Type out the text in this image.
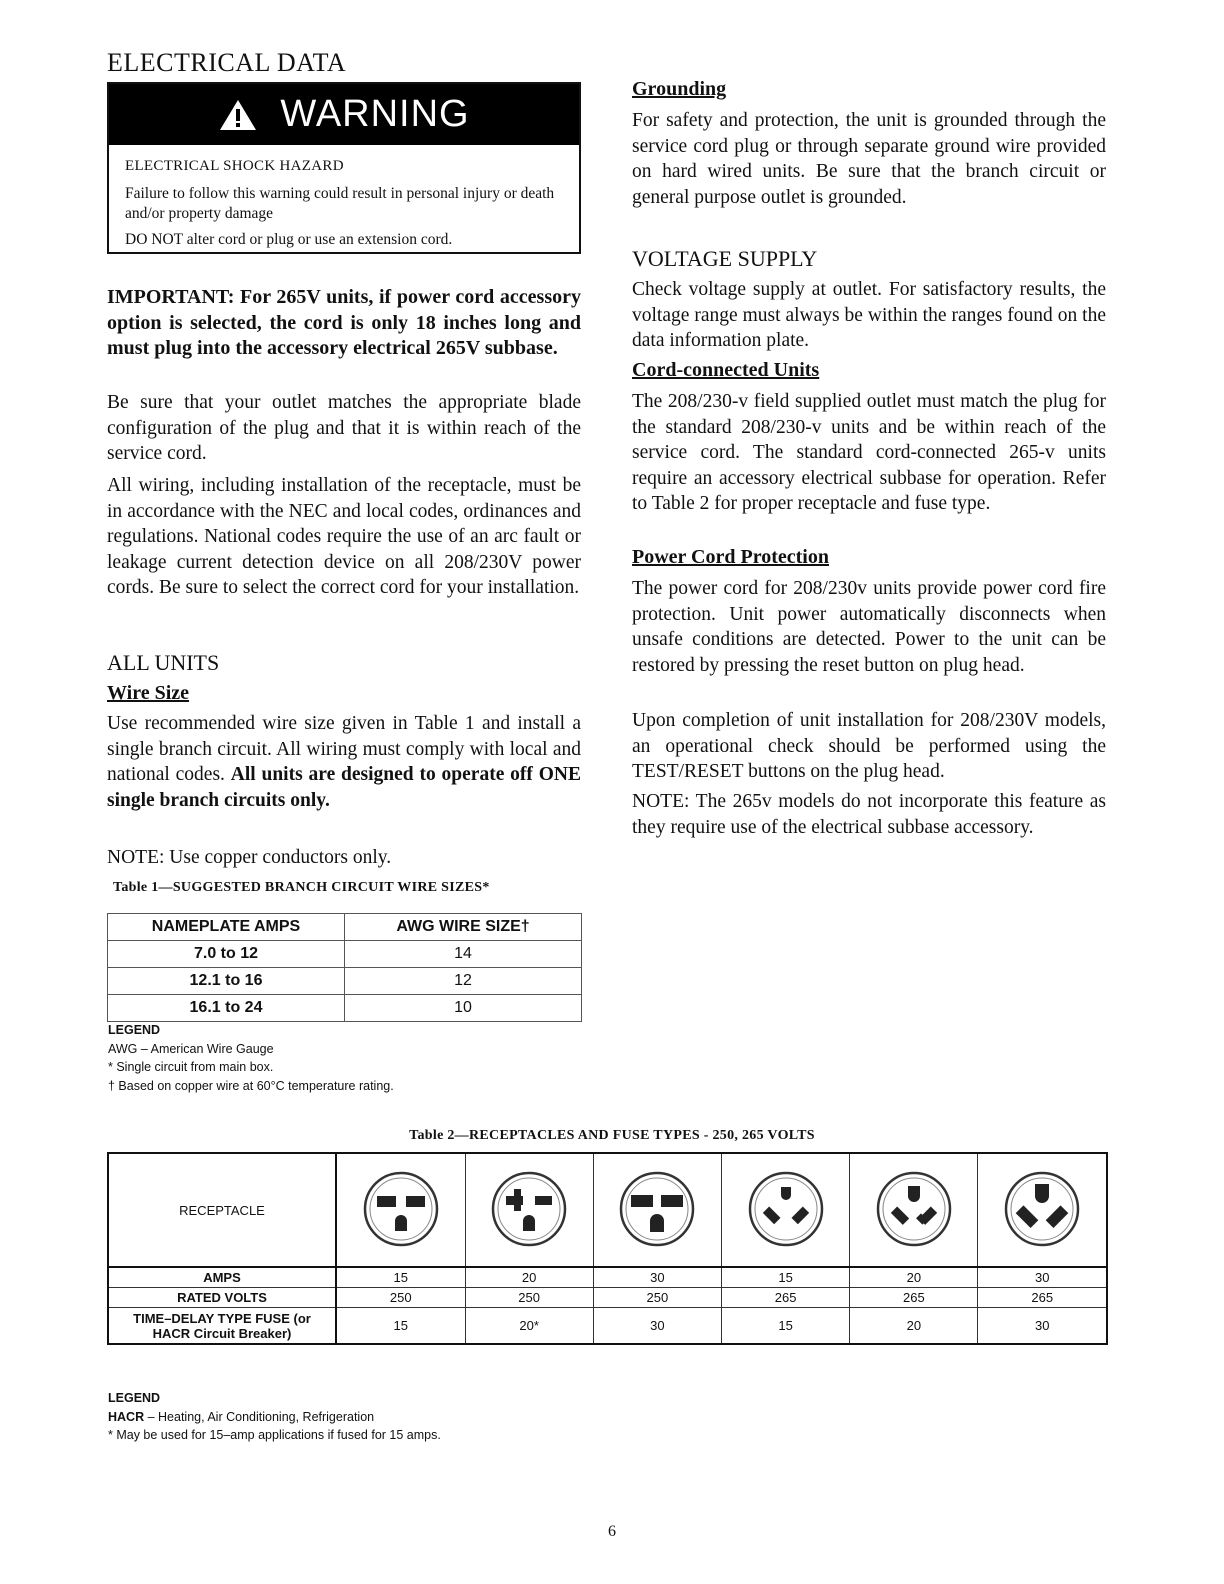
ELECTRICAL DATA
WARNING

ELECTRICAL SHOCK HAZARD

Failure to follow this warning could result in personal injury or death and/or property damage

DO NOT alter cord or plug or use an extension cord.

IMPORTANT: For 265V units, if power cord accessory option is selected, the cord is only 18 inches long and must plug into the accessory electrical 265V subbase.

Be sure that your outlet matches the appropriate blade configuration of the plug and that it is within reach of the service cord.

All wiring, including installation of the receptacle, must be in accordance with the NEC and local codes, ordinances and regulations. National codes require the use of an arc fault or leakage current detection device on all 208/230V power cords. Be sure to select the correct cord for your installation.

ALL UNITS
Wire Size

Use recommended wire size given in Table 1 and install a single branch circuit. All wiring must comply with local and national codes. All units are designed to operate off ONE single branch circuits only.

NOTE: Use copper conductors only.

Table 1—SUGGESTED BRANCH CIRCUIT WIRE SIZES*
NAMEPLATE AMPS	AWG WIRE SIZE†
7.0 to 12	14
12.1 to 16	12
16.1 to 24	10
LEGEND
AWG – American Wire Gauge
* Single circuit from main box.
† Based on copper wire at 60°C temperature rating.
Grounding

For safety and protection, the unit is grounded through the service cord plug or through separate ground wire provided on hard wired units. Be sure that the branch circuit or general purpose outlet is grounded.

VOLTAGE SUPPLY

Check voltage supply at outlet. For satisfactory results, the voltage range must always be within the ranges found on the data information plate.

Cord-connected Units

The 208/230-v field supplied outlet must match the plug for the standard 208/230-v units and be within reach of the service cord. The standard cord-connected 265-v units require an accessory electrical subbase for operation. Refer to Table 2 for proper receptacle and fuse type.

Power Cord Protection

The power cord for 208/230v units provide power cord fire protection. Unit power automatically disconnects when unsafe conditions are detected. Power to the unit can be restored by pressing the reset button on plug head.

Upon completion of unit installation for 208/230V models, an operational check should be performed using the TEST/RESET buttons on the plug head.

NOTE: The 265v models do not incorporate this feature as they require use of the electrical subbase accessory.

Table 2—RECEPTACLES AND FUSE TYPES - 250, 265 VOLTS
RECEPTACLE						
AMPS	15	20	30	15	20	30
RATED VOLTS	250	250	250	265	265	265
TIME–DELAY TYPE FUSE (or HACR Circuit Breaker)	15	20*	30	15	20	30
LEGEND
HACR – Heating, Air Conditioning, Refrigeration
* May be used for 15–amp applications if fused for 15 amps.
6
